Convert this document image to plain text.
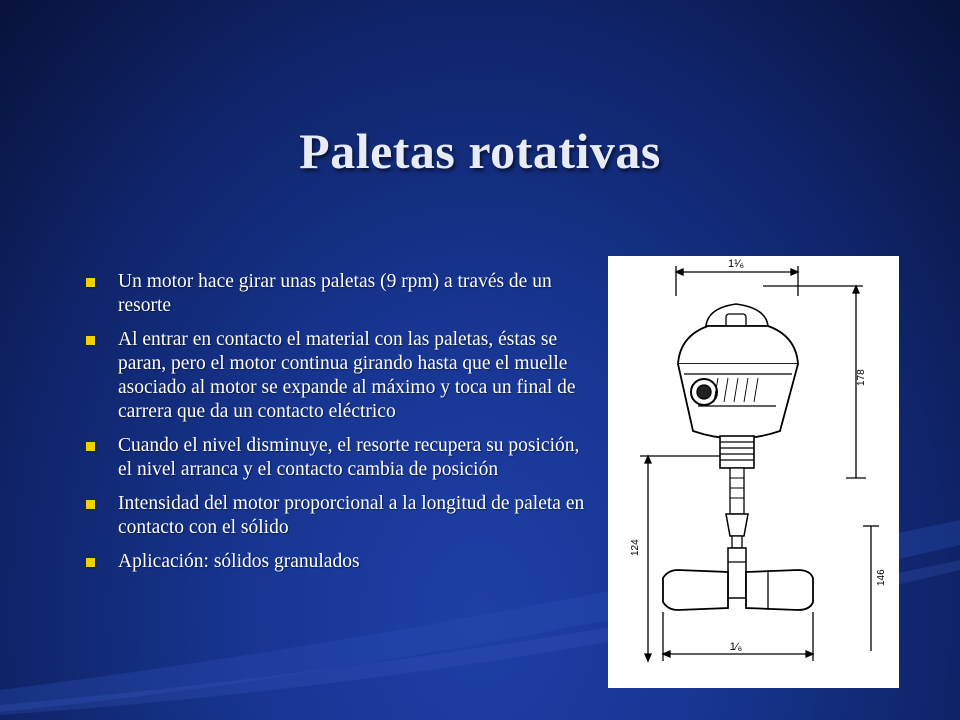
Paletas rotativas
Un motor hace girar unas paletas (9 rpm) a través de un resorte
Al entrar en contacto el material con las paletas, éstas se paran, pero el motor continua girando hasta que el muelle asociado al motor se expande al máximo y toca un final de carrera que da un contacto eléctrico
Cuando el nivel disminuye, el resorte recupera su posición, el nivel arranca y el contacto cambia de posición
Intensidad del motor proporcional a la longitud de paleta en contacto con el sólido
Aplicación: sólidos granulados
1¹⁄₆
178
124
146
1⁄₆
